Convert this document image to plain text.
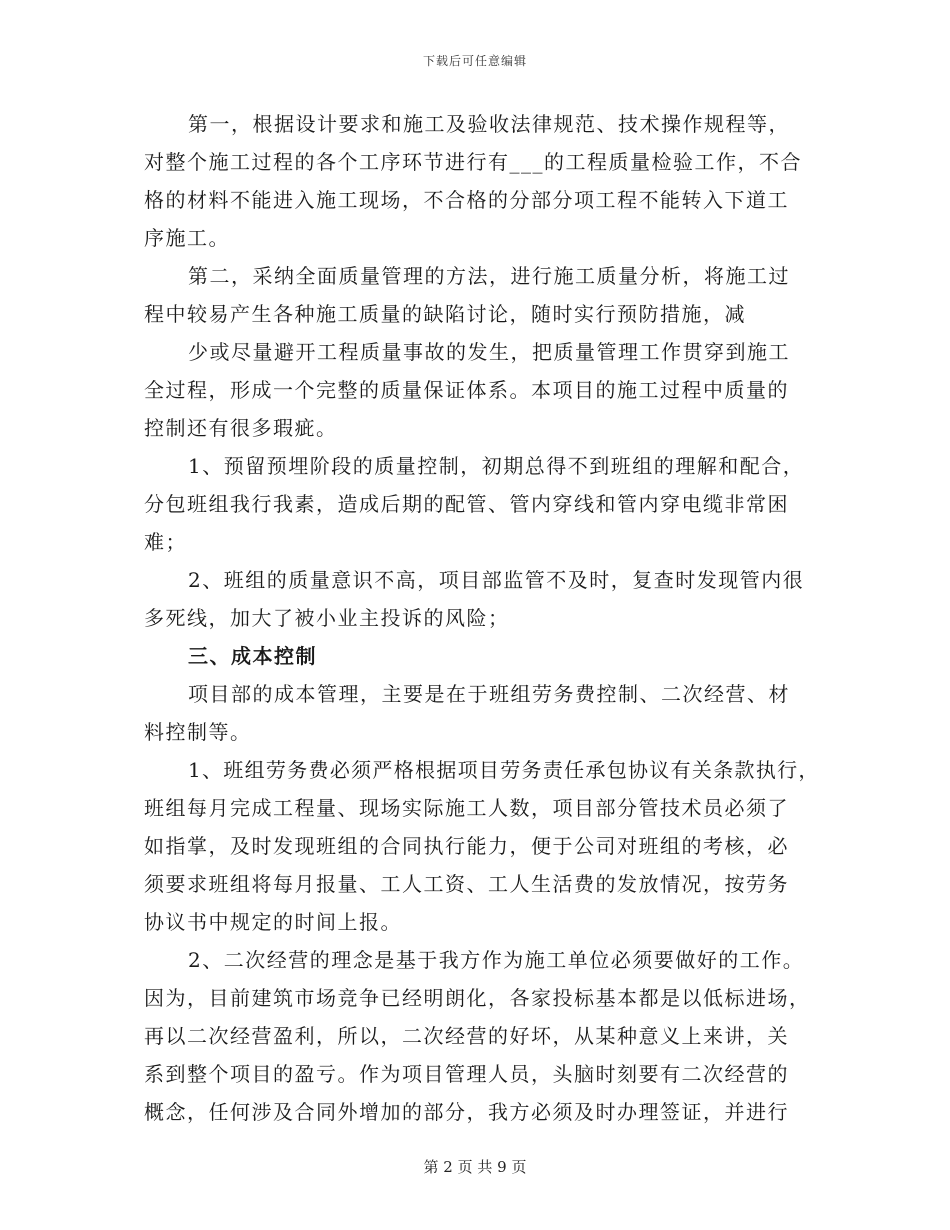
下载后可任意编辑
第一，根据设计要求和施工及验收法律规范、技术操作规程等，
对整个施工过程的各个工序环节进行有___的工程质量检验工作，不合
格的材料不能进入施工现场，不合格的分部分项工程不能转入下道工
序施工。
第二，采纳全面质量管理的方法，进行施工质量分析，将施工过
程中较易产生各种施工质量的缺陷讨论，随时实行预防措施，减
少或尽量避开工程质量事故的发生，把质量管理工作贯穿到施工
全过程，形成一个完整的质量保证体系。本项目的施工过程中质量的
控制还有很多瑕疵。
1、预留预埋阶段的质量控制，初期总得不到班组的理解和配合，
分包班组我行我素，造成后期的配管、管内穿线和管内穿电缆非常困
难；
2、班组的质量意识不高，项目部监管不及时，复查时发现管内很
多死线，加大了被小业主投诉的风险；
三、成本控制
项目部的成本管理，主要是在于班组劳务费控制、二次经营、材
料控制等。
1、班组劳务费必须严格根据项目劳务责任承包协议有关条款执行，
班组每月完成工程量、现场实际施工人数，项目部分管技术员必须了
如指掌，及时发现班组的合同执行能力，便于公司对班组的考核，必
须要求班组将每月报量、工人工资、工人生活费的发放情况，按劳务
协议书中规定的时间上报。
2、二次经营的理念是基于我方作为施工单位必须要做好的工作。
因为，目前建筑市场竞争已经明朗化，各家投标基本都是以低标进场，
再以二次经营盈利，所以，二次经营的好坏，从某种意义上来讲，关
系到整个项目的盈亏。作为项目管理人员，头脑时刻要有二次经营的
概念，任何涉及合同外增加的部分，我方必须及时办理签证，并进行
第 2 页 共 9 页
